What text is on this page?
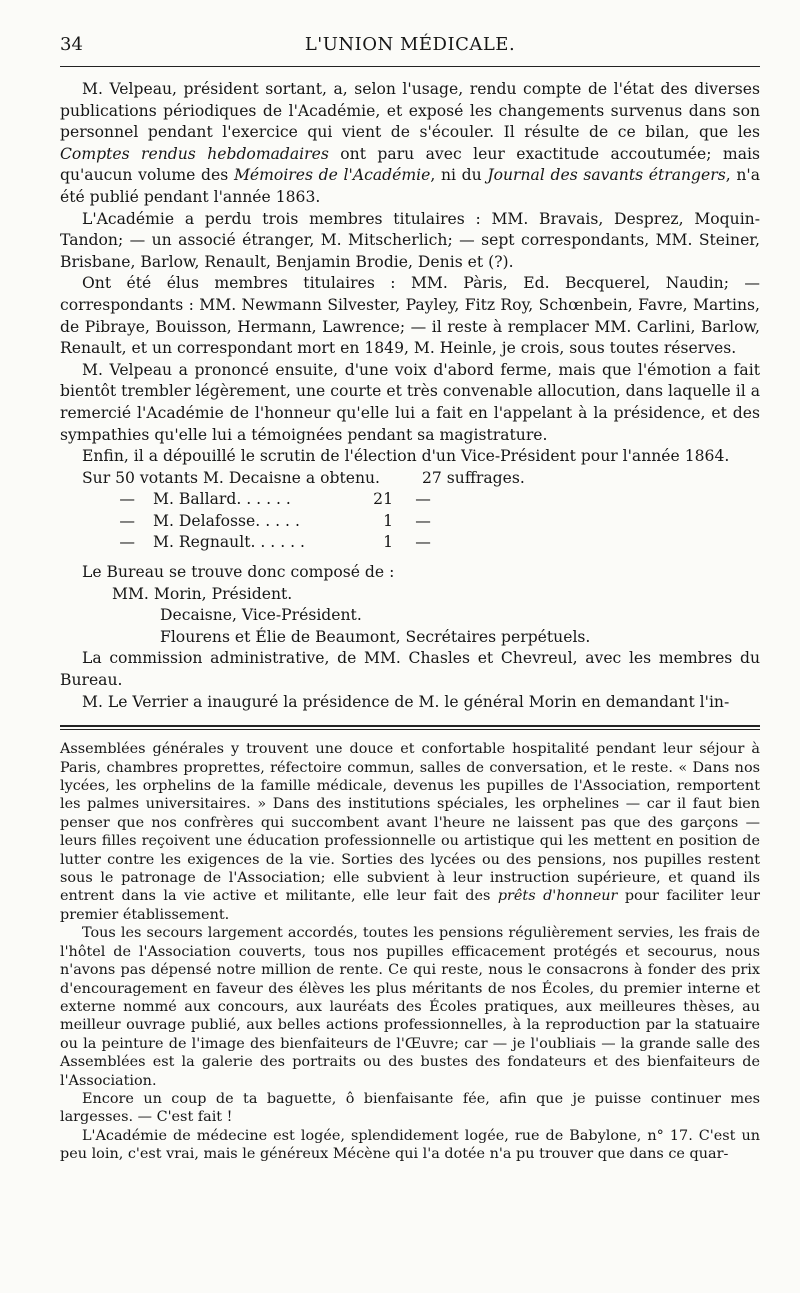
34	L'UNION MÉDICALE.

M. Velpeau, président sortant, a, selon l'usage, rendu compte de l'état des diverses publications périodiques de l'Académie, et exposé les changements survenus dans son personnel pendant l'exercice qui vient de s'écouler. Il résulte de ce bilan, que les Comptes rendus hebdomadaires ont paru avec leur exactitude accoutumée; mais qu'aucun volume des Mémoires de l'Académie, ni du Journal des savants étrangers, n'a été publié pendant l'année 1863.

L'Académie a perdu trois membres titulaires : MM. Bravais, Desprez, Moquin-Tandon; — un associé étranger, M. Mitscherlich; — sept correspondants, MM. Steiner, Brisbane, Barlow, Renault, Benjamin Brodie, Denis et (?).

Ont été élus membres titulaires : MM. Pàris, Ed. Becquerel, Naudin; — correspondants : MM. Newmann Silvester, Payley, Fitz Roy, Schœnbein, Favre, Martins, de Pibraye, Bouisson, Hermann, Lawrence; — il reste à remplacer MM. Carlini, Barlow, Renault, et un correspondant mort en 1849, M. Heinle, je crois, sous toutes réserves.

M. Velpeau a prononcé ensuite, d'une voix d'abord ferme, mais que l'émotion a fait bientôt trembler légèrement, une courte et très convenable allocution, dans laquelle il a remercié l'Académie de l'honneur qu'elle lui a fait en l'appelant à la présidence, et des sympathies qu'elle lui a témoignées pendant sa magistrature.

Enfin, il a dépouillé le scrutin de l'élection d'un Vice-Président pour l'année 1864.

Sur 50 votants M. Decaisne a obtenu.	27 suffrages.
—	M. Ballard. . . . . .	21	—
—	M. Delafosse. . . . .	1	—
—	M. Regnault. . . . . .	1	—

Le Bureau se trouve donc composé de :

MM. Morin, Président.
Decaisne, Vice-Président.
Flourens et Élie de Beaumont, Secrétaires perpétuels.

La commission administrative, de MM. Chasles et Chevreul, avec les membres du Bureau.

M. Le Verrier a inauguré la présidence de M. le général Morin en demandant l'in-

Assemblées générales y trouvent une douce et confortable hospitalité pendant leur séjour à Paris, chambres proprettes, réfectoire commun, salles de conversation, et le reste. « Dans nos lycées, les orphelins de la famille médicale, devenus les pupilles de l'Association, remportent les palmes universitaires. » Dans des institutions spéciales, les orphelines — car il faut bien penser que nos confrères qui succombent avant l'heure ne laissent pas que des garçons — leurs filles reçoivent une éducation professionnelle ou artistique qui les mettent en position de lutter contre les exigences de la vie. Sorties des lycées ou des pensions, nos pupilles restent sous le patronage de l'Association; elle subvient à leur instruction supérieure, et quand ils entrent dans la vie active et militante, elle leur fait des prêts d'honneur pour faciliter leur premier établissement.

Tous les secours largement accordés, toutes les pensions régulièrement servies, les frais de l'hôtel de l'Association couverts, tous nos pupilles efficacement protégés et secourus, nous n'avons pas dépensé notre million de rente. Ce qui reste, nous le consacrons à fonder des prix d'encouragement en faveur des élèves les plus méritants de nos Écoles, du premier interne et externe nommé aux concours, aux lauréats des Écoles pratiques, aux meilleures thèses, au meilleur ouvrage publié, aux belles actions professionnelles, à la reproduction par la statuaire ou la peinture de l'image des bienfaiteurs de l'Œuvre; car — je l'oubliais — la grande salle des Assemblées est la galerie des portraits ou des bustes des fondateurs et des bienfaiteurs de l'Association.

Encore un coup de ta baguette, ô bienfaisante fée, afin que je puisse continuer mes largesses. — C'est fait !

L'Académie de médecine est logée, splendidement logée, rue de Babylone, n° 17. C'est un peu loin, c'est vrai, mais le généreux Mécène qui l'a dotée n'a pu trouver que dans ce quar-
